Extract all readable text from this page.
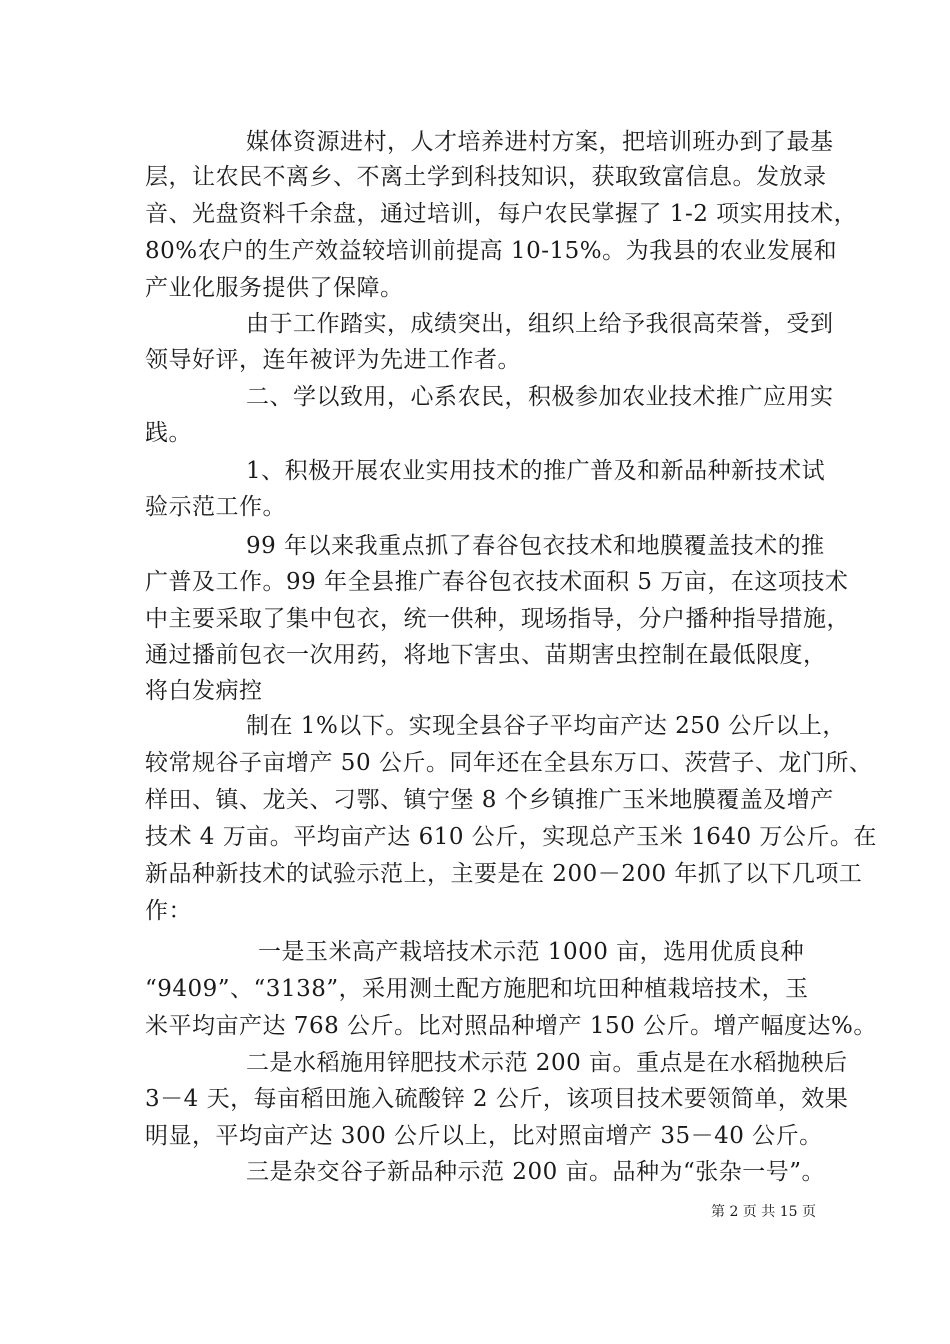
媒体资源进村，人才培养进村方案，把培训班办到了最基
层，让农民不离乡、不离土学到科技知识，获取致富信息。发放录
音、光盘资料千余盘，通过培训，每户农民掌握了 1-2 项实用技术，
80%农户的生产效益较培训前提高 10-15%。为我县的农业发展和
产业化服务提供了保障。
由于工作踏实，成绩突出，组织上给予我很高荣誉，受到
领导好评，连年被评为先进工作者。
二、学以致用，心系农民，积极参加农业技术推广应用实
践。
1、积极开展农业实用技术的推广普及和新品种新技术试
验示范工作。
99 年以来我重点抓了春谷包衣技术和地膜覆盖技术的推
广普及工作。99 年全县推广春谷包衣技术面积 5 万亩，在这项技术
中主要采取了集中包衣，统一供种，现场指导，分户播种指导措施，
通过播前包衣一次用药，将地下害虫、苗期害虫控制在最低限度，
将白发病控
制在 1%以下。实现全县谷子平均亩产达 250 公斤以上，
较常规谷子亩增产 50 公斤。同年还在全县东万口、茨营子、龙门所、
样田、镇、龙关、刁鄂、镇宁堡 8 个乡镇推广玉米地膜覆盖及增产
技术 4 万亩。平均亩产达 610 公斤，实现总产玉米 1640 万公斤。在
新品种新技术的试验示范上，主要是在 200－200 年抓了以下几项工
作：
一是玉米高产栽培技术示范 1000 亩，选用优质良种
“9409”、“3138”，采用测土配方施肥和坑田种植栽培技术，玉
米平均亩产达 768 公斤。比对照品种增产 150 公斤。增产幅度达%。
二是水稻施用锌肥技术示范 200 亩。重点是在水稻抛秧后
3－4 天，每亩稻田施入硫酸锌 2 公斤，该项目技术要领简单，效果
明显，平均亩产达 300 公斤以上，比对照亩增产 35－40 公斤。
三是杂交谷子新品种示范 200 亩。品种为“张杂一号”。
第 2 页 共 15 页
